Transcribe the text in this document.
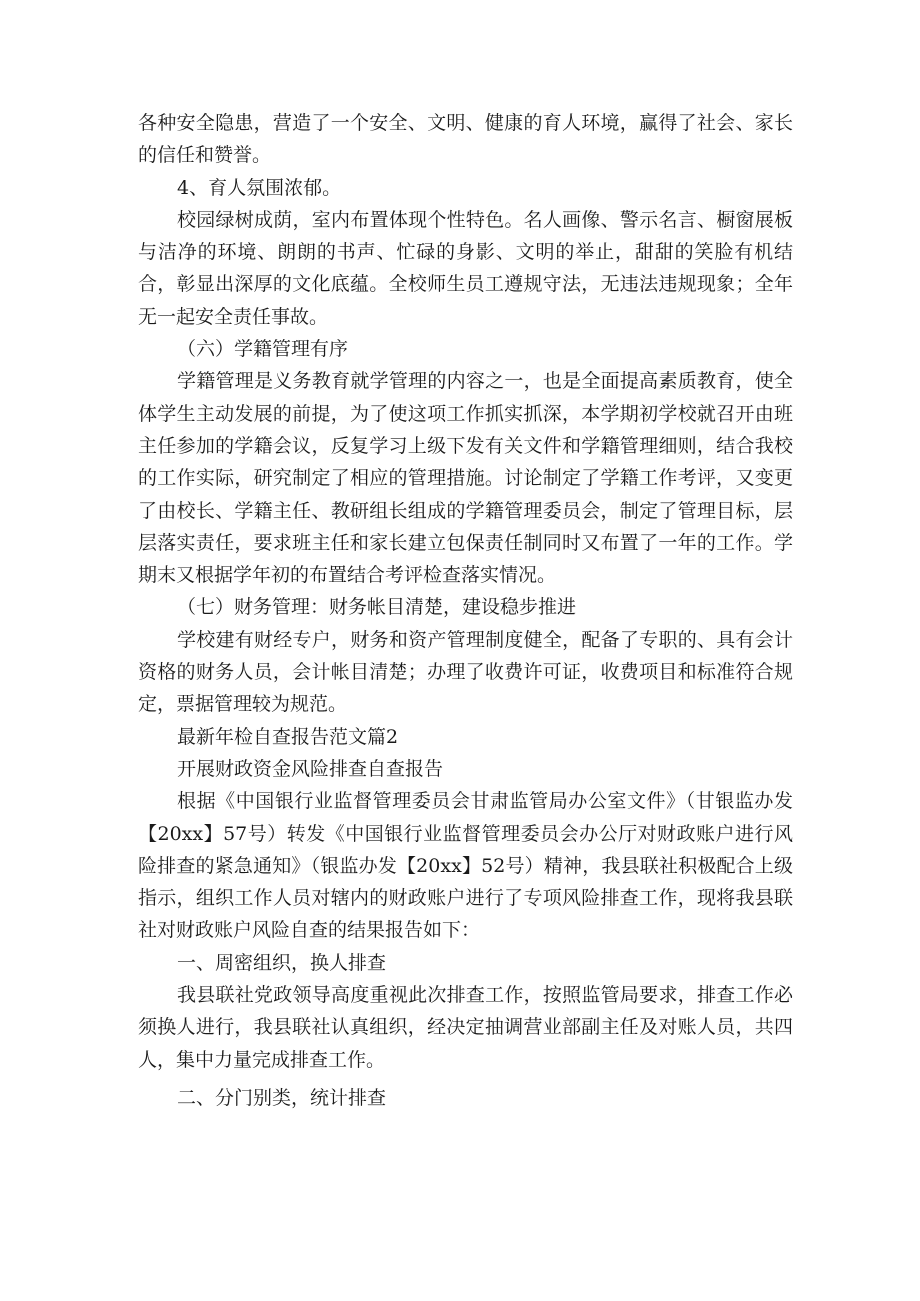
各种安全隐患，营造了一个安全、文明、健康的育人环境，赢得了社会、家长的信任和赞誉。

4、育人氛围浓郁。

校园绿树成荫，室内布置体现个性特色。名人画像、警示名言、橱窗展板与洁净的环境、朗朗的书声、忙碌的身影、文明的举止，甜甜的笑脸有机结合，彰显出深厚的文化底蕴。全校师生员工遵规守法，无违法违规现象；全年无一起安全责任事故。

（六）学籍管理有序

学籍管理是义务教育就学管理的内容之一，也是全面提高素质教育，使全体学生主动发展的前提，为了使这项工作抓实抓深，本学期初学校就召开由班主任参加的学籍会议，反复学习上级下发有关文件和学籍管理细则，结合我校的工作实际，研究制定了相应的管理措施。讨论制定了学籍工作考评，又变更了由校长、学籍主任、教研组长组成的学籍管理委员会，制定了管理目标，层层落实责任，要求班主任和家长建立包保责任制同时又布置了一年的工作。学期末又根据学年初的布置结合考评检查落实情况。

（七）财务管理：财务帐目清楚，建设稳步推进

学校建有财经专户，财务和资产管理制度健全，配备了专职的、具有会计资格的财务人员，会计帐目清楚；办理了收费许可证，收费项目和标准符合规定，票据管理较为规范。

最新年检自查报告范文篇2

开展财政资金风险排查自查报告

根据《中国银行业监督管理委员会甘肃监管局办公室文件》（甘银监办发【20xx】57号）转发《中国银行业监督管理委员会办公厅对财政账户进行风险排查的紧急通知》（银监办发【20xx】52号）精神，我县联社积极配合上级指示，组织工作人员对辖内的财政账户进行了专项风险排查工作，现将我县联社对财政账户风险自查的结果报告如下：

一、周密组织，换人排查

我县联社党政领导高度重视此次排查工作，按照监管局要求，排查工作必须换人进行，我县联社认真组织，经决定抽调营业部副主任及对账人员，共四人，集中力量完成排查工作。

二、分门别类，统计排查
